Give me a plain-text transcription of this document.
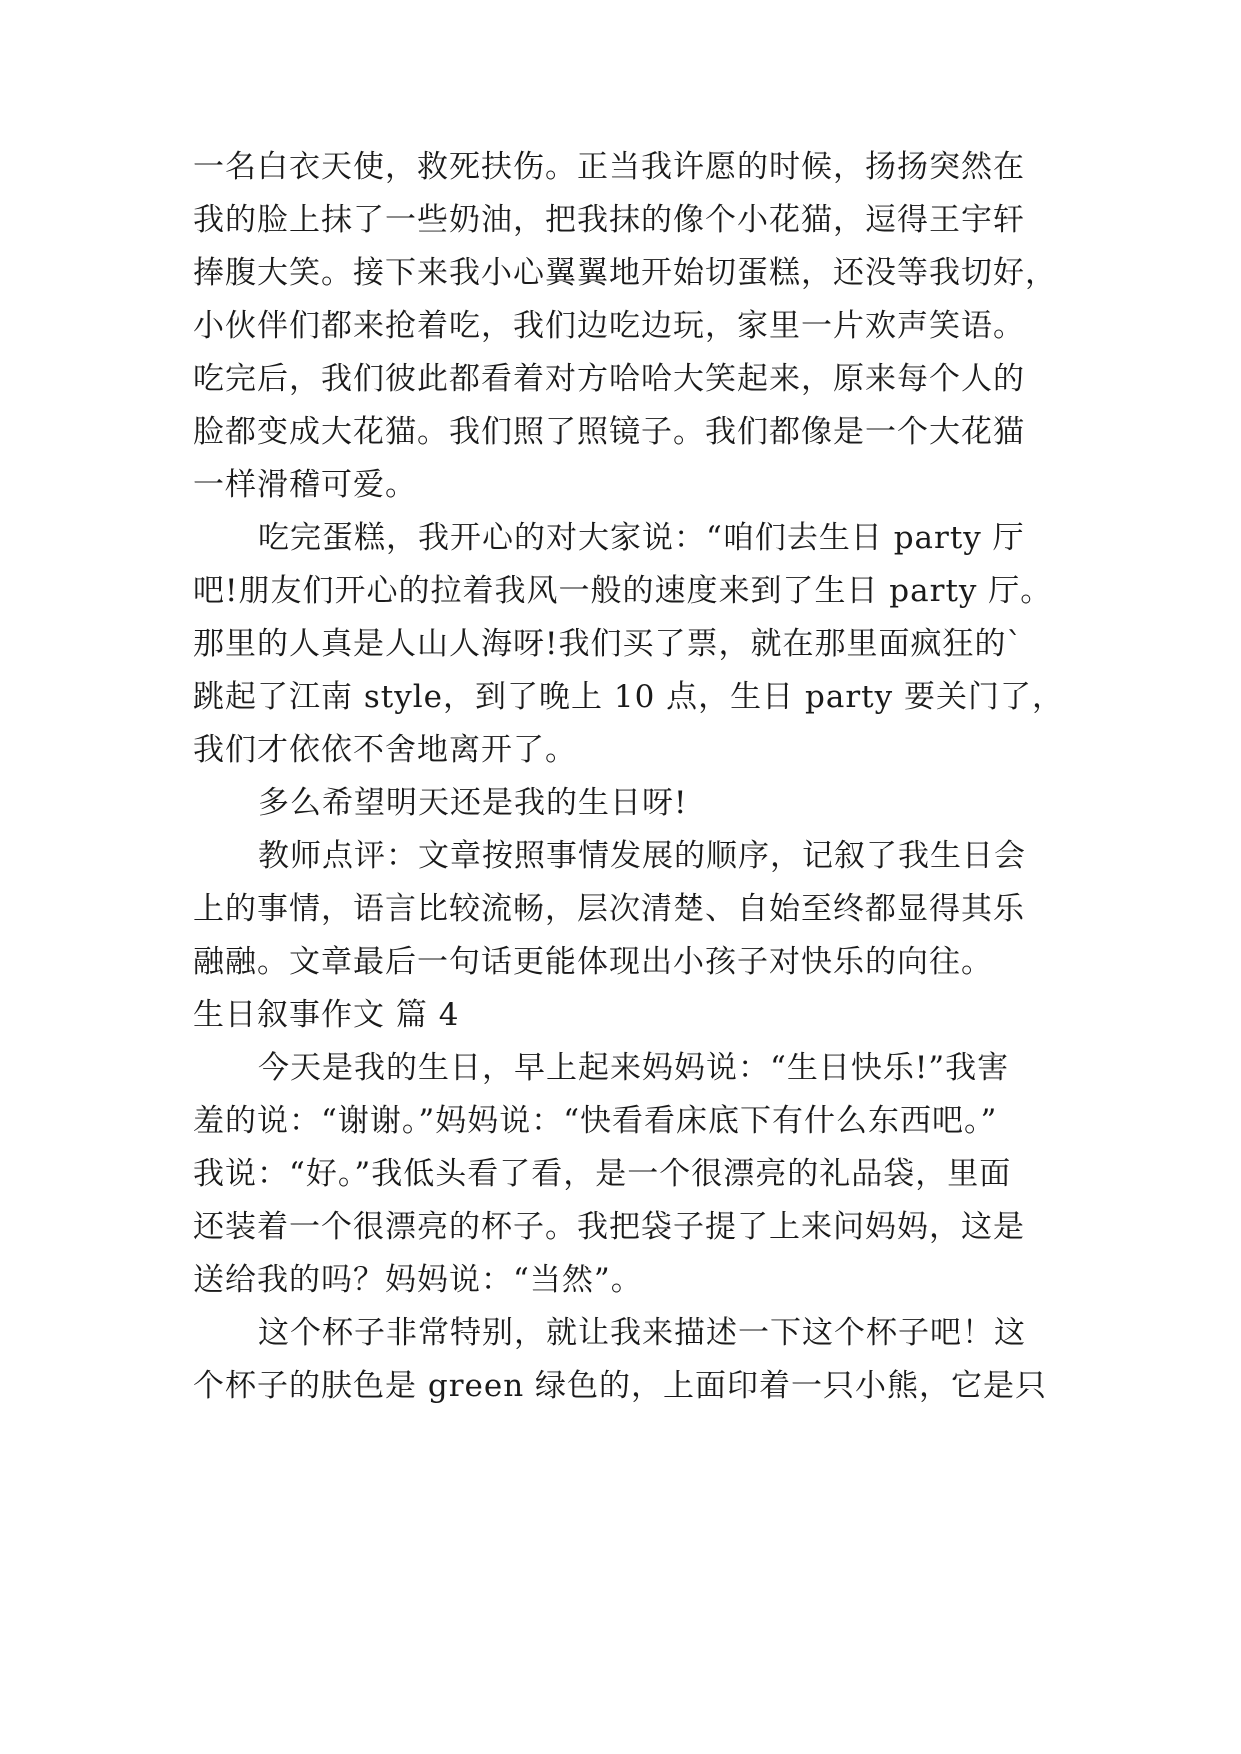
一名白衣天使，救死扶伤。正当我许愿的时候，扬扬突然在
我的脸上抹了一些奶油，把我抹的像个小花猫，逗得王宇轩
捧腹大笑。接下来我小心翼翼地开始切蛋糕，还没等我切好，
小伙伴们都来抢着吃，我们边吃边玩，家里一片欢声笑语。
吃完后，我们彼此都看着对方哈哈大笑起来，原来每个人的
脸都变成大花猫。我们照了照镜子。我们都像是一个大花猫
一样滑稽可爱。
吃完蛋糕，我开心的对大家说：“咱们去生日 party 厅
吧!朋友们开心的拉着我风一般的速度来到了生日 party 厅。
那里的人真是人山人海呀!我们买了票，就在那里面疯狂的`
跳起了江南 style，到了晚上 10 点，生日 party 要关门了，
我们才依依不舍地离开了。
多么希望明天还是我的生日呀!
教师点评：文章按照事情发展的顺序，记叙了我生日会
上的事情，语言比较流畅，层次清楚、自始至终都显得其乐
融融。文章最后一句话更能体现出小孩子对快乐的向往。
生日叙事作文 篇 4
今天是我的生日，早上起来妈妈说：“生日快乐!”我害
羞的说：“谢谢。”妈妈说：“快看看床底下有什么东西吧。”
我说：“好。”我低头看了看，是一个很漂亮的礼品袋，里面
还装着一个很漂亮的杯子。我把袋子提了上来问妈妈，这是
送给我的吗？妈妈说：“当然”。
这个杯子非常特别，就让我来描述一下这个杯子吧！这
个杯子的肤色是 green 绿色的，上面印着一只小熊，它是只
